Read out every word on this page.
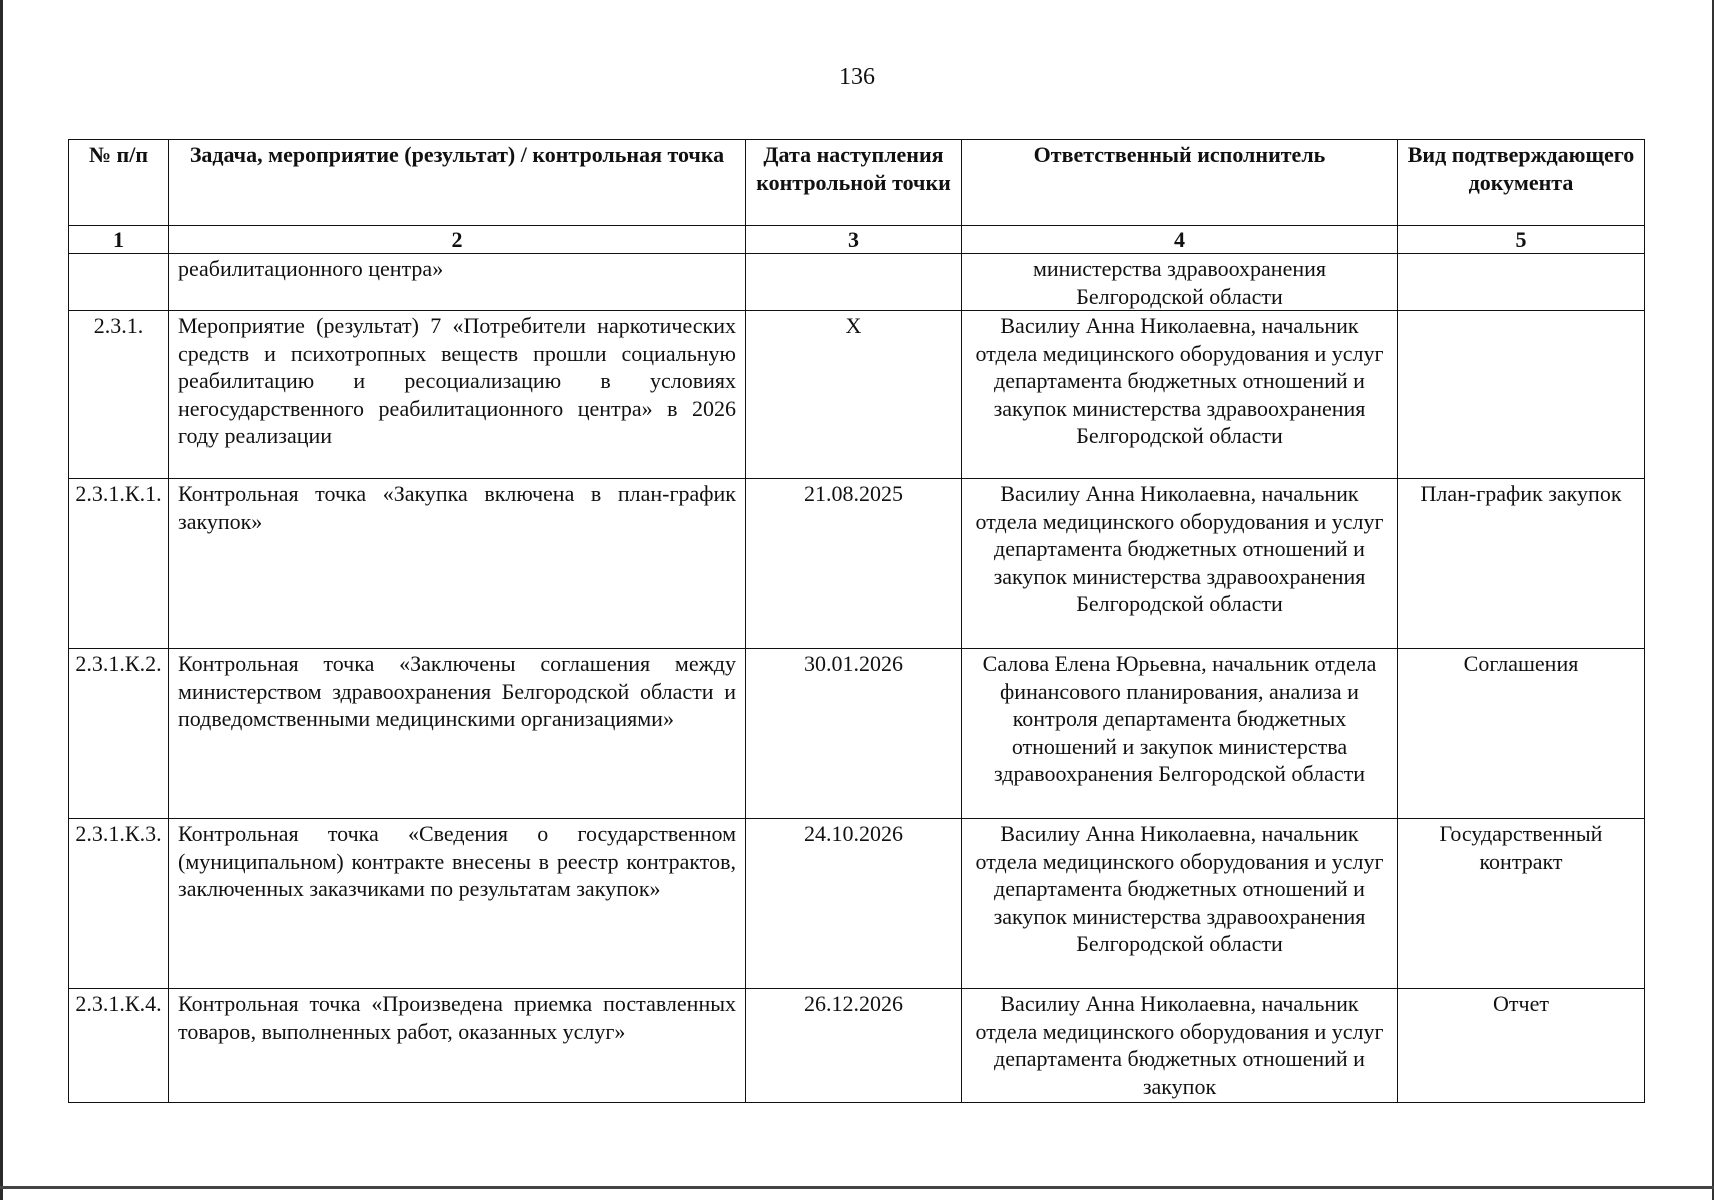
136
№ п/п	Задача, мероприятие (результат) / контрольная точка	Дата наступления контрольной точки	Ответственный исполнитель	Вид подтверждающего документа
1	2	3	4	5
	реабилитационного центра»		министерства здравоохранения Белгородской области	
2.3.1.	Мероприятие (результат) 7 «Потребители наркотических средств и психотропных веществ прошли социальную реабилитацию и ресоциализацию в условиях негосударственного реабилитационного центра» в 2026 году реализации	Х	Василиу Анна Николаевна, начальник отдела медицинского оборудования и услуг департамента бюджетных отношений и закупок министерства здравоохранения Белгородской области	
2.3.1.К.1.	Контрольная точка «Закупка включена в план-график закупок»	21.08.2025	Василиу Анна Николаевна, начальник отдела медицинского оборудования и услуг департамента бюджетных отношений и закупок министерства здравоохранения Белгородской области	План-график закупок
2.3.1.К.2.	Контрольная точка «Заключены соглашения между министерством здравоохранения Белгородской области и подведомственными медицинскими организациями»	30.01.2026	Салова Елена Юрьевна, начальник отдела финансового планирования, анализа и контроля департамента бюджетных отношений и закупок министерства здравоохранения Белгородской области	Соглашения
2.3.1.К.3.	Контрольная точка «Сведения о государственном (муниципальном) контракте внесены в реестр контрактов, заключенных заказчиками по результатам закупок»	24.10.2026	Василиу Анна Николаевна, начальник отдела медицинского оборудования и услуг департамента бюджетных отношений и закупок министерства здравоохранения Белгородской области	Государственный контракт
2.3.1.К.4.	Контрольная точка «Произведена приемка поставленных товаров, выполненных работ, оказанных услуг»	26.12.2026	Василиу Анна Николаевна, начальник отдела медицинского оборудования и услуг департамента бюджетных отношений и закупок	Отчет
